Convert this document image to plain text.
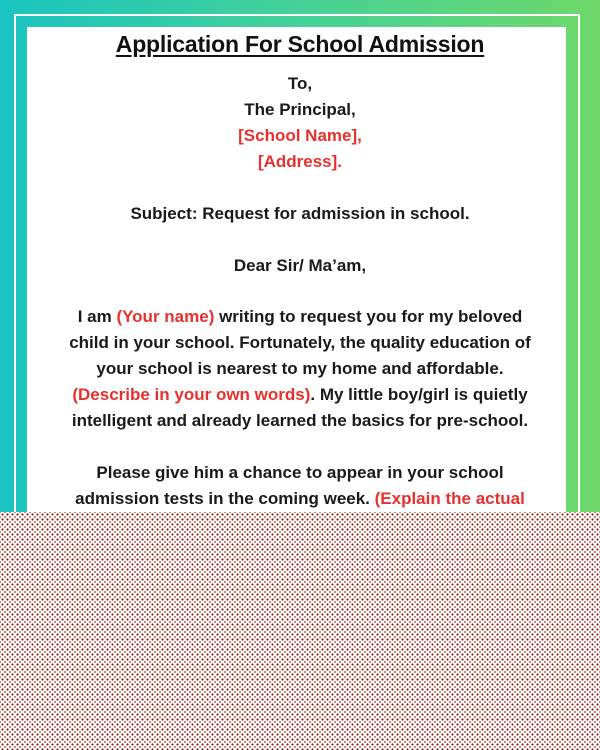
Application For School Admission
To,
The Principal,
[School Name],
[Address].
Subject: Request for admission in school.
Dear Sir/ Ma’am,
I am (Your name) writing to request you for my beloved
child in your school. Fortunately, the quality education of
your school is nearest to my home and affordable.
(Describe in your own words). My little boy/girl is quietly
intelligent and already learned the basics for pre-school.
Please give him a chance to appear in your school
admission tests in the coming week. (Explain the actual
